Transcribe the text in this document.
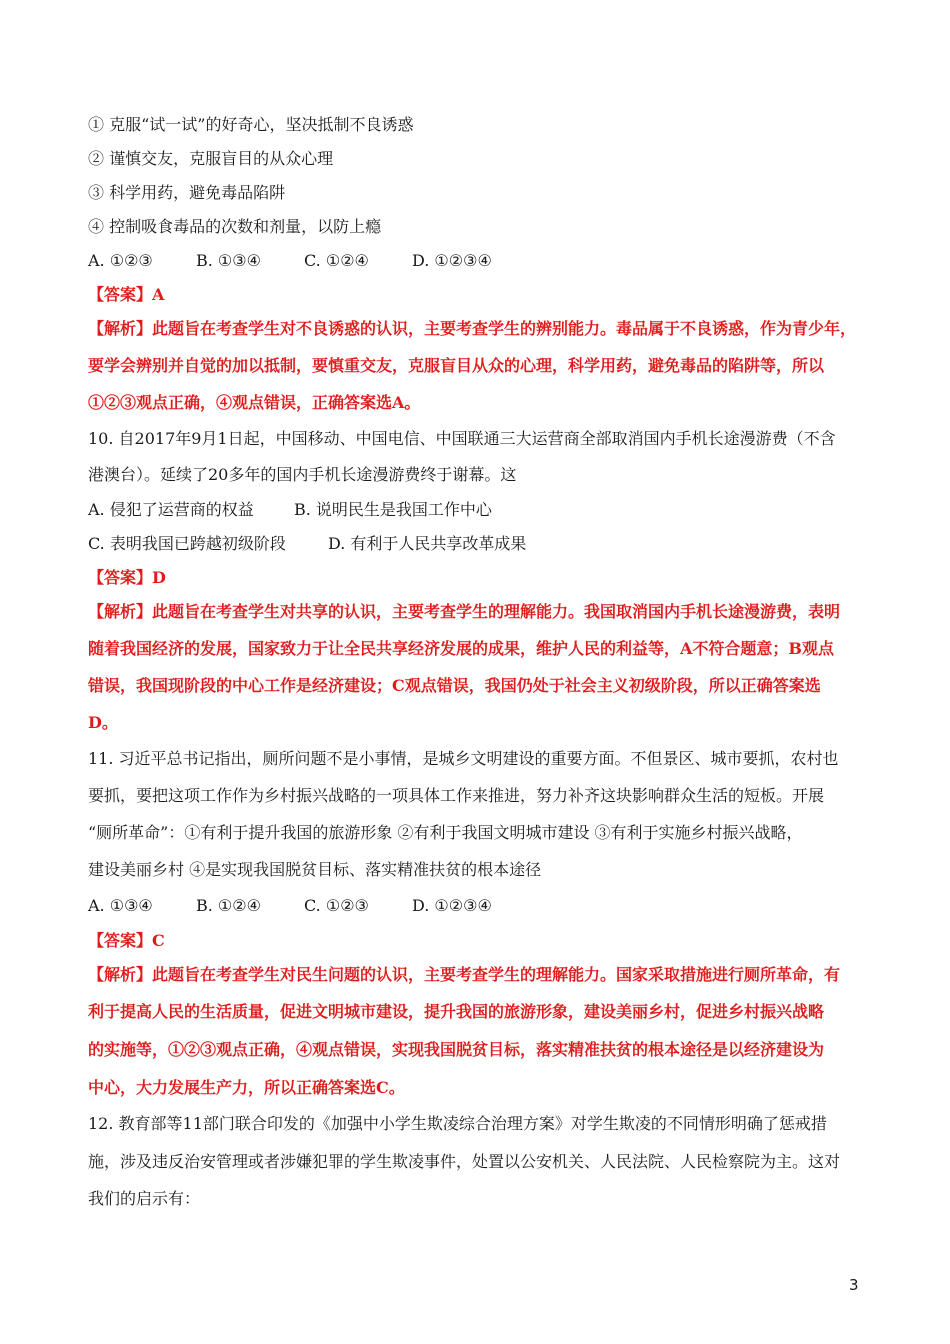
① 克服“试一试”的好奇心，坚决抵制不良诱惑
② 谨慎交友，克服盲目的从众心理
③ 科学用药，避免毒品陷阱
④ 控制吸食毒品的次数和剂量，以防上瘾
A. ①②③	B. ①③④	C. ①②④	D. ①②③④
【答案】A
【解析】此题旨在考查学生对不良诱惑的认识，主要考查学生的辨别能力。毒品属于不良诱惑，作为青少年，
要学会辨别并自觉的加以抵制，要慎重交友，克服盲目从众的心理，科学用药，避免毒品的陷阱等，所以
①②③观点正确，④观点错误，正确答案选A。
10. 自2017年9月1日起，中国移动、中国电信、中国联通三大运营商全部取消国内手机长途漫游费（不含
港澳台）。延续了20多年的国内手机长途漫游费终于谢幕。这
A. 侵犯了运营商的权益	B. 说明民生是我国工作中心
C. 表明我国已跨越初级阶段	D. 有利于人民共享改革成果
【答案】D
【解析】此题旨在考查学生对共享的认识，主要考查学生的理解能力。我国取消国内手机长途漫游费，表明
随着我国经济的发展，国家致力于让全民共享经济发展的成果，维护人民的利益等，A不符合题意；B观点
错误，我国现阶段的中心工作是经济建设；C观点错误，我国仍处于社会主义初级阶段，所以正确答案选
D。
11. 习近平总书记指出，厕所问题不是小事情，是城乡文明建设的重要方面。不但景区、城市要抓，农村也
要抓，要把这项工作作为乡村振兴战略的一项具体工作来推进，努力补齐这块影响群众生活的短板。开展
“厕所革命”：①有利于提升我国的旅游形象 ②有利于我国文明城市建设 ③有利于实施乡村振兴战略，
建设美丽乡村 ④是实现我国脱贫目标、落实精准扶贫的根本途径
A. ①③④	B. ①②④	C. ①②③	D. ①②③④
【答案】C
【解析】此题旨在考查学生对民生问题的认识，主要考查学生的理解能力。国家采取措施进行厕所革命，有
利于提高人民的生活质量，促进文明城市建设，提升我国的旅游形象，建设美丽乡村，促进乡村振兴战略
的实施等，①②③观点正确，④观点错误，实现我国脱贫目标，落实精准扶贫的根本途径是以经济建设为
中心，大力发展生产力，所以正确答案选C。
12. 教育部等11部门联合印发的《加强中小学生欺凌综合治理方案》对学生欺凌的不同情形明确了惩戒措
施，涉及违反治安管理或者涉嫌犯罪的学生欺凌事件，处置以公安机关、人民法院、人民检察院为主。这对
我们的启示有：
3
